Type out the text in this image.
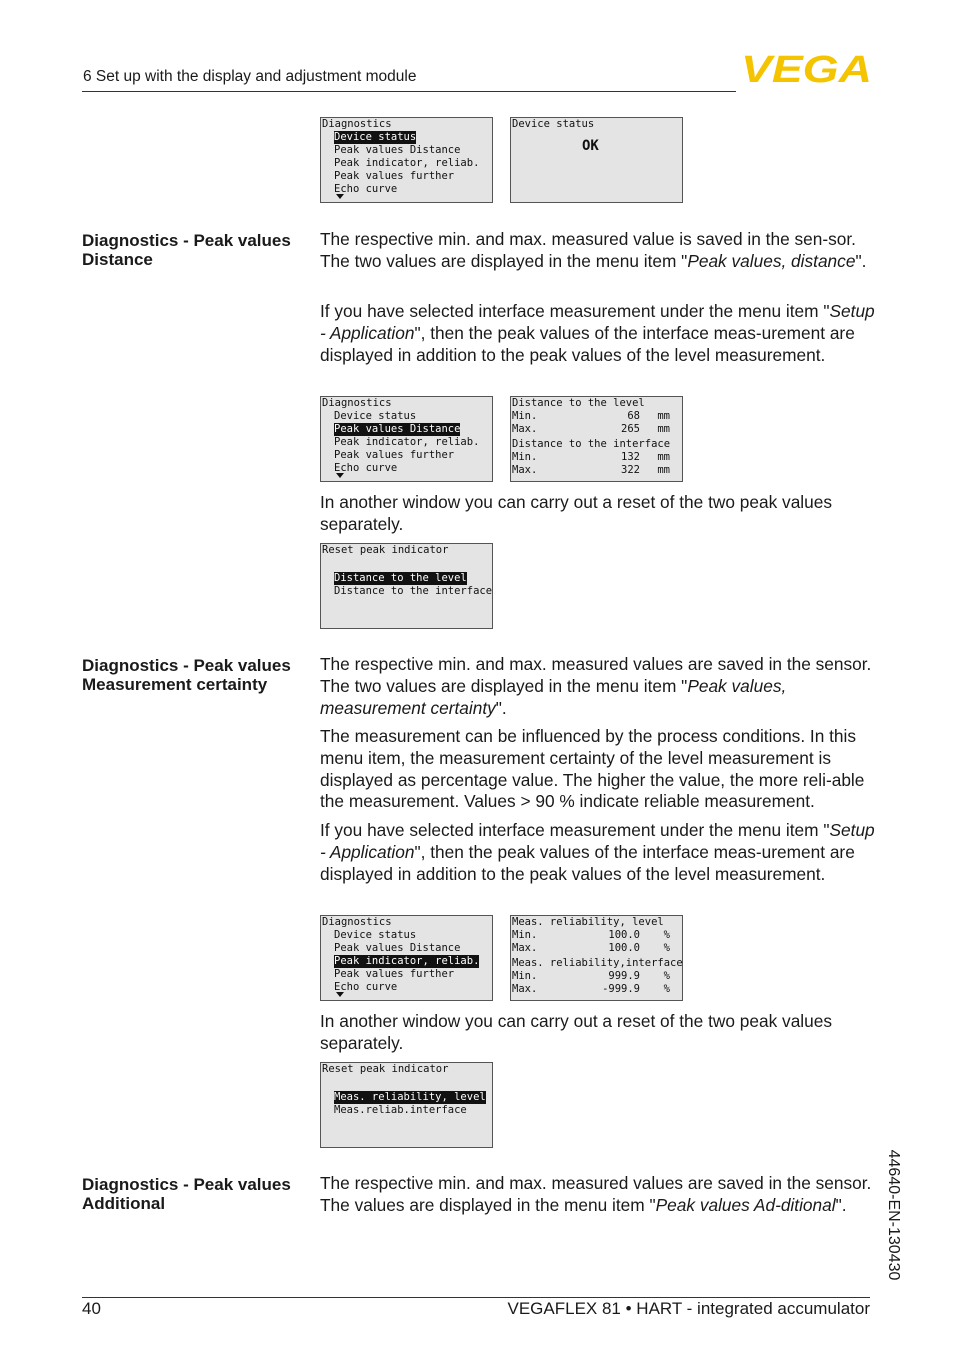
6 Set up with the display and adjustment module	VEGA
Diagnostics
Device status
Peak values Distance
Peak indicator, reliab.
Peak values further
Echo curve
Device status
OK
Diagnostics - Peak values
Distance

The respective min. and max. measured value is saved in the sen-sor. The two values are displayed in the menu item "Peak values, distance".

If you have selected interface measurement under the menu item "Setup - Application", then the peak values of the interface meas-urement are displayed in addition to the peak values of the level measurement.

Diagnostics
Device status
Peak values Distance
Peak indicator, reliab.
Peak values further
Echo curve
Distance to the level
Min.	68 mm
Max.	265 mm
Distance to the interface
Min.	132 mm
Max.	322 mm

In another window you can carry out a reset of the two peak values separately.

Reset peak indicator
Distance to the level
Distance to the interface
Diagnostics - Peak values
Measurement certainty

The respective min. and max. measured values are saved in the sensor. The two values are displayed in the menu item "Peak values, measurement certainty".

The measurement can be influenced by the process conditions. In this menu item, the measurement certainty of the level measurement is displayed as percentage value. The higher the value, the more reli-able the measurement. Values > 90 % indicate reliable measurement.

If you have selected interface measurement under the menu item "Setup - Application", then the peak values of the interface meas-urement are displayed in addition to the peak values of the level measurement.

Diagnostics
Device status
Peak values Distance
Peak indicator, reliab.
Peak values further
Echo curve
Meas. reliability, level
Min.	100.0 %
Max.	100.0 %
Meas. reliability,interface
Min.	999.9 %
Max.	-999.9 %

In another window you can carry out a reset of the two peak values separately.

Reset peak indicator
Meas. reliability, level
Meas.reliab.interface
Diagnostics - Peak values
Additional

The respective min. and max. measured values are saved in the sensor. The values are displayed in the menu item "Peak values Ad-ditional".	44640-EN-130430
40	VEGAFLEX 81 • HART - integrated accumulator
